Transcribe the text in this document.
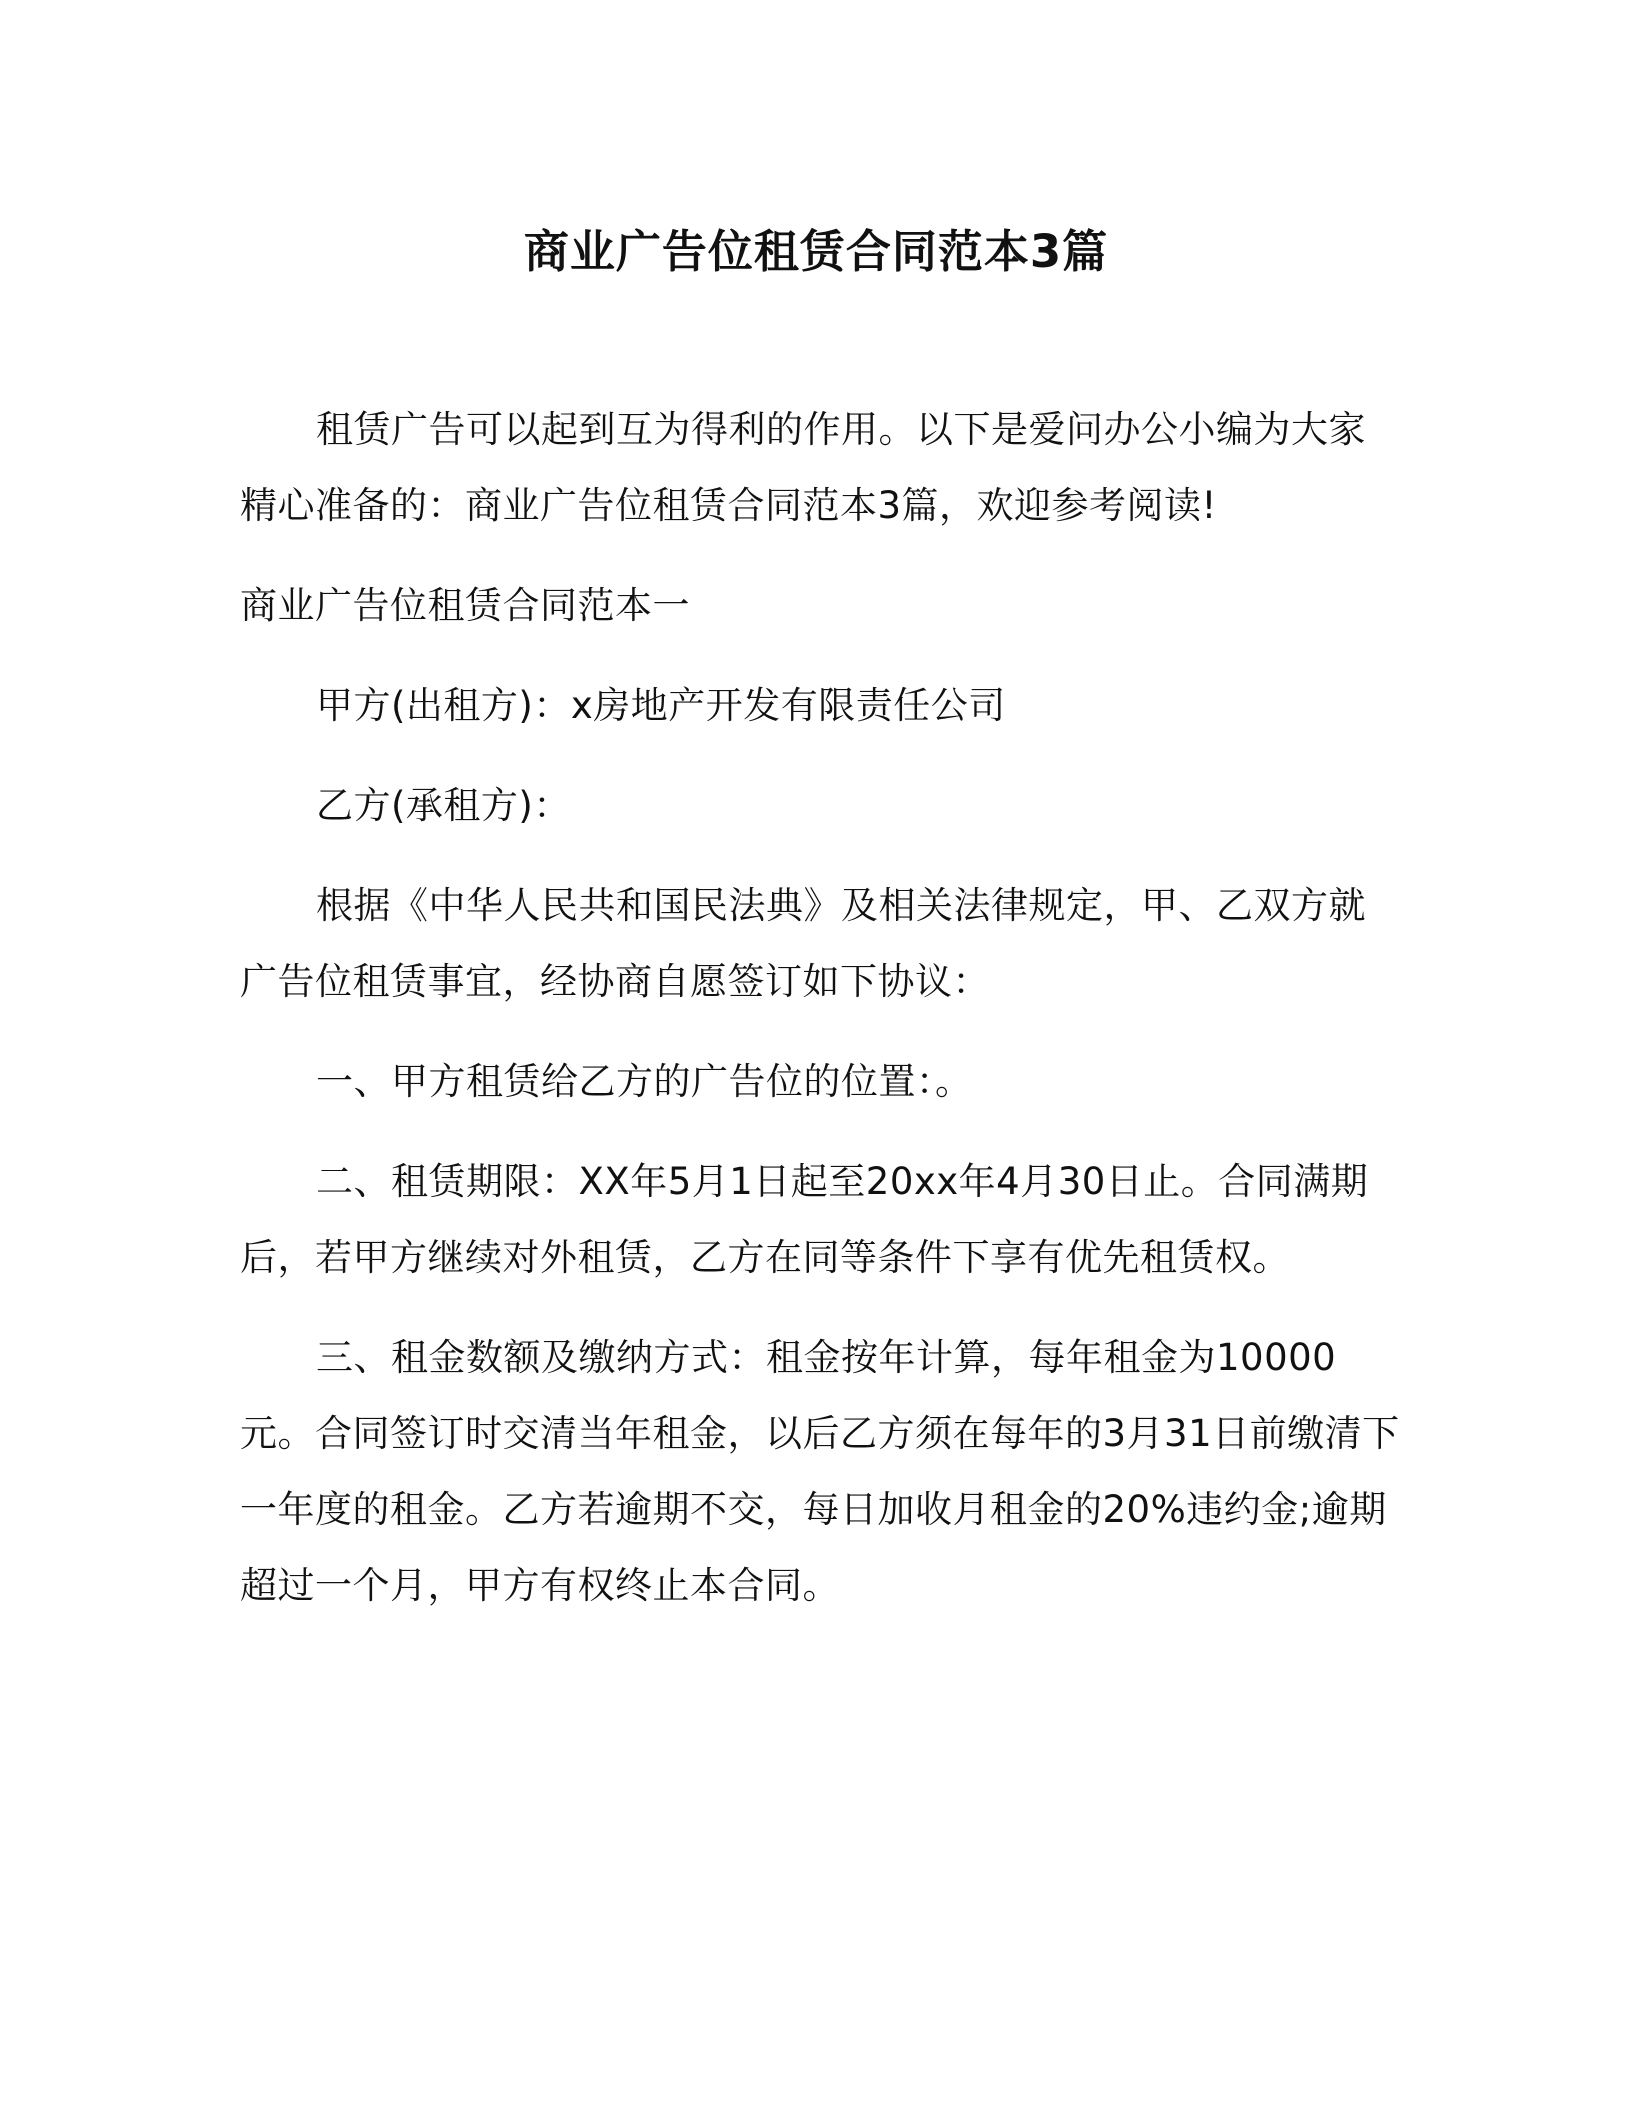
商业广告位租赁合同范本3篇

租赁广告可以起到互为得利的作用。以下是爱问办公小编为大家精心准备的：商业广告位租赁合同范本3篇，欢迎参考阅读!

商业广告位租赁合同范本一

甲方(出租方)：x房地产开发有限责任公司

乙方(承租方)：

根据《中华人民共和国民法典》及相关法律规定，甲、乙双方就广告位租赁事宜，经协商自愿签订如下协议：

一、甲方租赁给乙方的广告位的位置：。

二、租赁期限：XX年5月1日起至20xx年4月30日止。合同满期后，若甲方继续对外租赁，乙方在同等条件下享有优先租赁权。

三、租金数额及缴纳方式：租金按年计算，每年租金为10000元。合同签订时交清当年租金，以后乙方须在每年的3月31日前缴清下一年度的租金。乙方若逾期不交，每日加收月租金的20%违约金;逾期超过一个月，甲方有权终止本合同。
